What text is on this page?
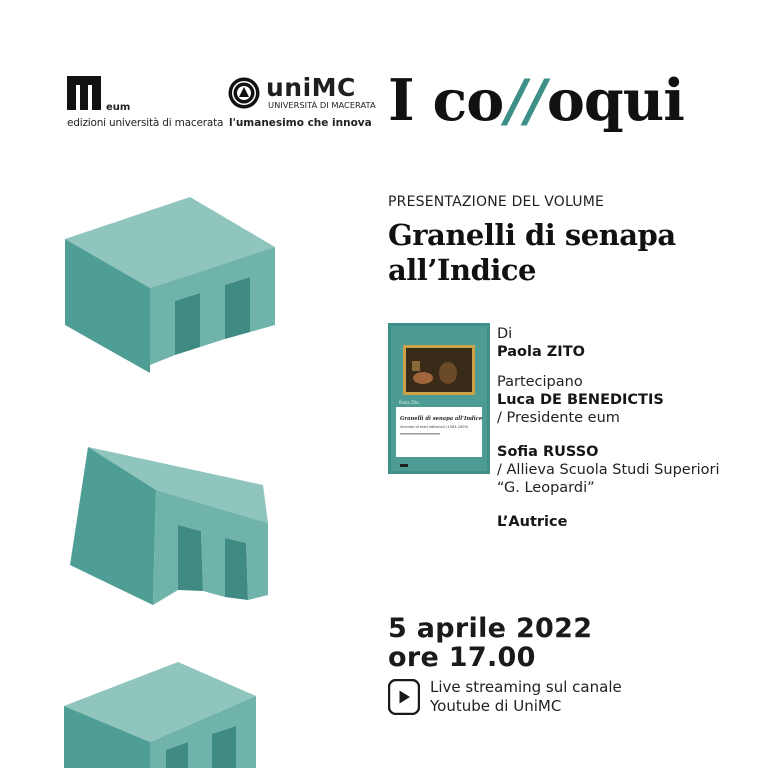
eum
edizioni università di macerata
uniMC
UNIVERSITÀ DI MACERATA
l'umanesimo che innova I co//oqui
PRESENTAZIONE DEL VOLUME
Granelli di senapa
all’Indice
Paola Zito
Granelli di senapa all’Indice
Vicende di testi editoriali (1563-1603)
Di
Paola ZITO
Partecipano
Luca DE BENEDICTIS
/ Presidente eum
Sofia RUSSO
/ Allieva Scuola Studi Superiori
“G. Leopardi”
L’Autrice
5 aprile 2022
ore 17.00
Live streaming sul canale
Youtube di UniMC
